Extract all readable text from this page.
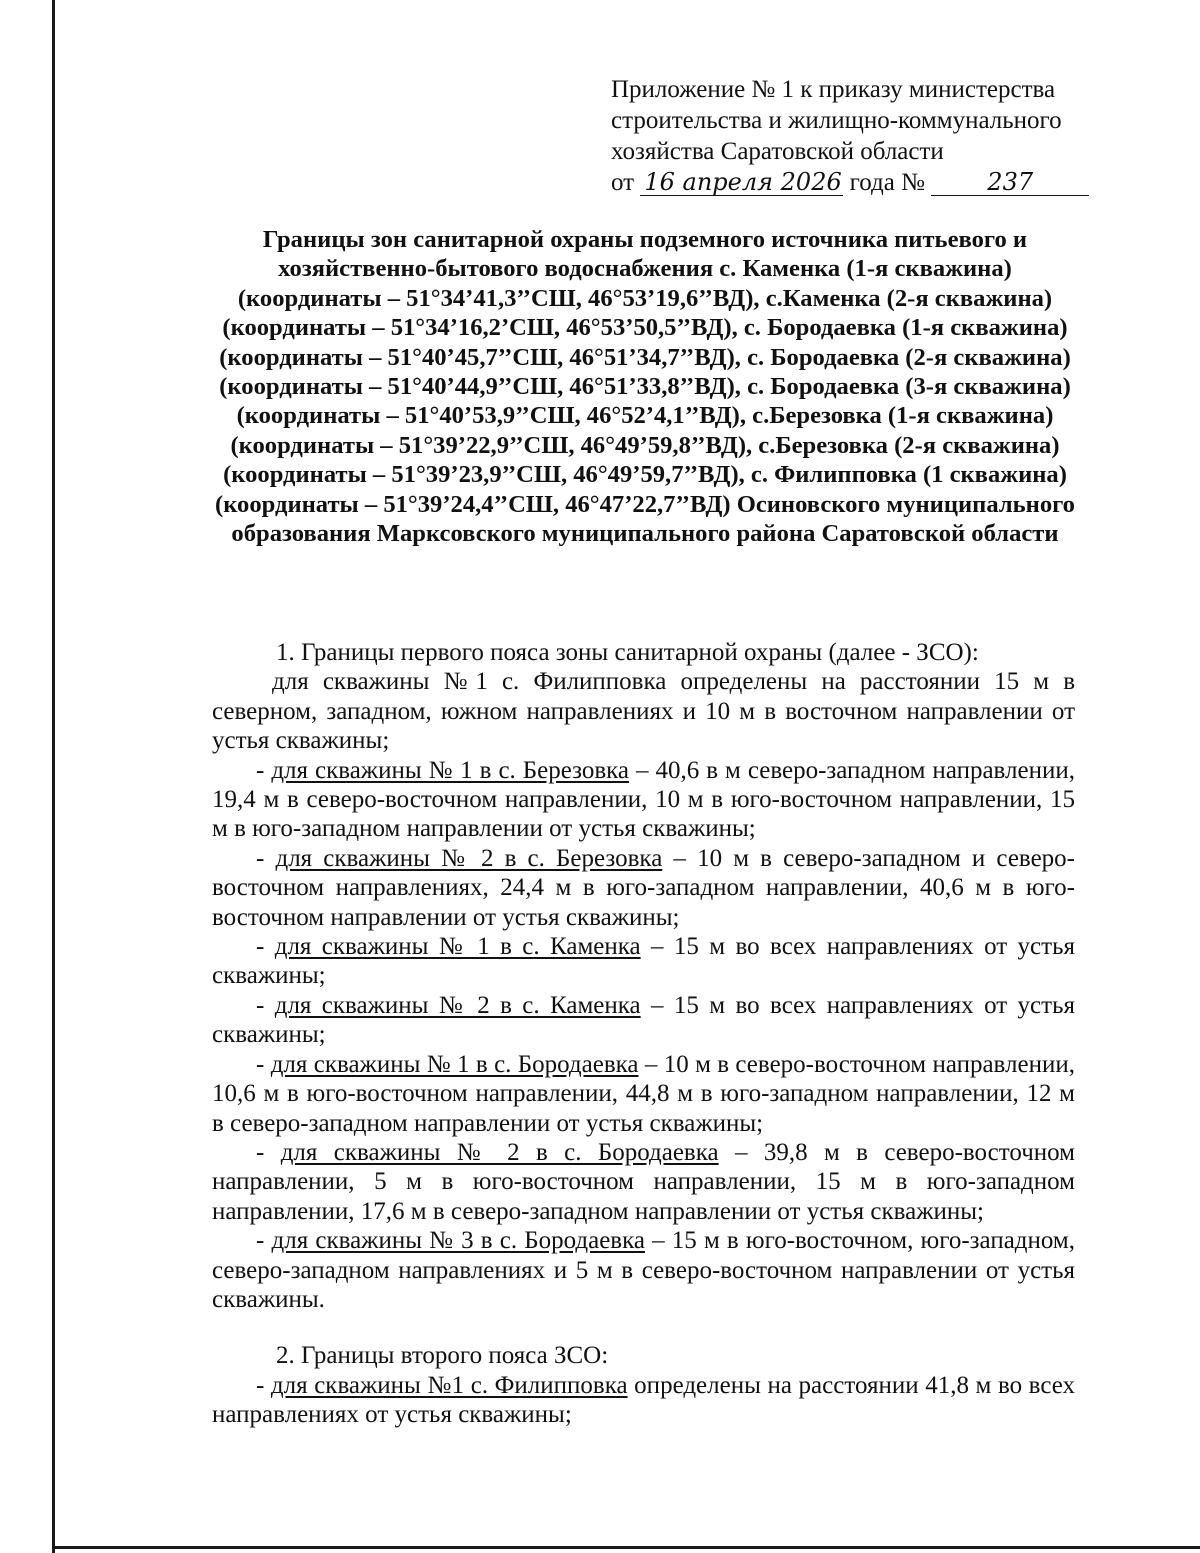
Приложение № 1 к приказу министерства
строительства и жилищно-коммунального
хозяйства Саратовской области
от 16 апреля 2026 года №	237
Границы зон санитарной охраны подземного источника питьевого и хозяйственно-бытового водоснабжения с. Каменка (1-я скважина) (координаты – 51°34’41,3’’СШ, 46°53’19,6’’ВД), с.Каменка (2-я скважина) (координаты – 51°34’16,2’СШ, 46°53’50,5’’ВД), с. Бородаевка (1-я скважина) (координаты – 51°40’45,7’’СШ, 46°51’34,7’’ВД), с. Бородаевка (2-я скважина) (координаты – 51°40’44,9’’СШ, 46°51’33,8’’ВД), с. Бородаевка (3-я скважина) (координаты – 51°40’53,9’’СШ, 46°52’4,1’’ВД), с.Березовка (1-я скважина) (координаты – 51°39’22,9’’СШ, 46°49’59,8’’ВД), с.Березовка (2-я скважина) (координаты – 51°39’23,9’’СШ, 46°49’59,7’’ВД), с. Филипповка (1 скважина) (координаты – 51°39’24,4’’СШ, 46°47’22,7’’ВД) Осиновского муниципального образования Марксовского муниципального района Саратовской области

1. Границы первого пояса зоны санитарной охраны (далее - ЗСО):

для скважины №1 с. Филипповка определены на расстоянии 15 м в северном, западном, южном направлениях и 10 м в восточном направлении от устья скважины;

- для скважины № 1 в с. Березовка – 40,6 в м северо-западном направлении, 19,4 м в северо-восточном направлении, 10 м в юго-восточном направлении, 15 м в юго-западном направлении от устья скважины;

- для скважины № 2 в с. Березовка – 10 м в северо-западном и северо-восточном направлениях, 24,4 м в юго-западном направлении, 40,6 м в юго-восточном направлении от устья скважины;

- для скважины № 1 в с. Каменка – 15 м во всех направлениях от устья скважины;

- для скважины № 2 в с. Каменка – 15 м во всех направлениях от устья скважины;

- для скважины № 1 в с. Бородаевка – 10 м в северо-восточном направлении, 10,6 м в юго-восточном направлении, 44,8 м в юго-западном направлении, 12 м в северо-западном направлении от устья скважины;

- для скважины № 2 в с. Бородаевка – 39,8 м в северо-восточном направлении, 5 м в юго-восточном направлении, 15 м в юго-западном направлении, 17,6 м в северо-западном направлении от устья скважины;

- для скважины № 3 в с. Бородаевка – 15 м в юго-восточном, юго-западном, северо-западном направлениях и 5 м в северо-восточном направлении от устья скважины.

2. Границы второго пояса ЗСО:

- для скважины №1 с. Филипповка определены на расстоянии 41,8 м во всех направлениях от устья скважины;
